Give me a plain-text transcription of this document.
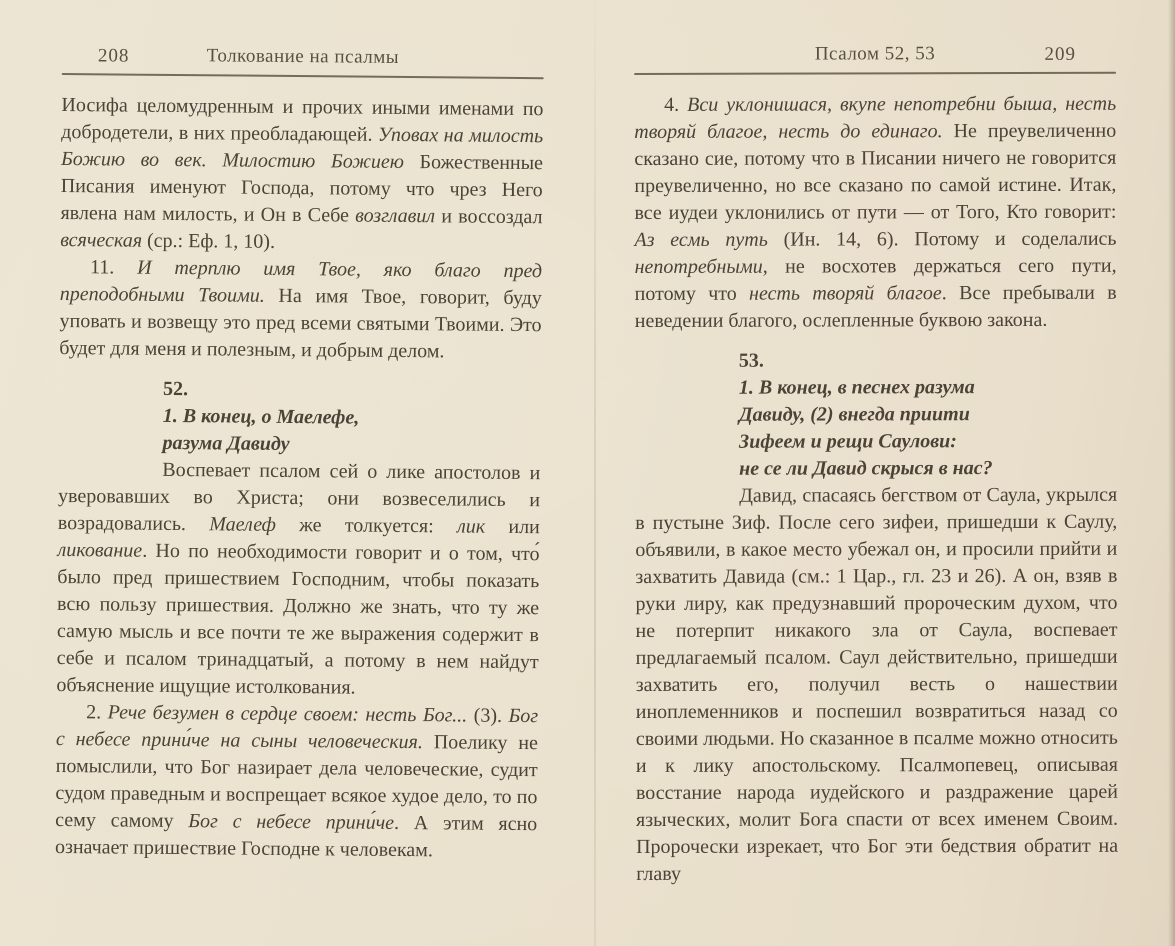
208	Толкование на псалмы

Иосифа целомудренным и прочих иными именами по добродетели, в них преобладающей. Уповах на милость Божию во век. Милостию Божиею Божественные Писания именуют Господа, потому что чрез Него явлена нам милость, и Он в Себе возглавил и воссоздал всяческая (ср.: Еф. 1, 10).

11. И терплю имя Твое, яко благо пред преподобными Твоими. На имя Твое, говорит, буду уповать и возвещу это пред всеми святыми Твоими. Это будет для меня и полезным, и добрым делом.

52.
1. В конец, о Маелефе,
разума Давиду

Воспевает псалом сей о лике апостолов и уверовавших во Христа; они возвеселились и возрадовались. Маелеф же толкуется: лик или ликование. Но по необходимости говорит и о том, что́ было пред пришествием Господним, чтобы показать всю пользу пришествия. Должно же знать, что ту же самую мысль и все почти те же выражения содержит в себе и псалом тринадцатый, а потому в нем найдут объяснение ищущие истолкования.

2. Рече безумен в сердце своем: несть Бог... (3). Бог с небесе прини́че на сыны человеческия. Поелику не помыслили, что Бог назирает дела человеческие, судит судом праведным и воспрещает всякое худое дело, то по сему самому Бог с небесе прини́че. А этим ясно означает пришествие Господне к человекам.

Псалом 52, 53	209

4. Вси уклонишася, вкупе непотребни быша, несть творяй благое, несть до единаго. Не преувеличенно сказано сие, потому что в Писании ничего не говорится преувеличенно, но все сказано по самой истине. Итак, все иудеи уклонились от пути — от Того, Кто говорит: Аз есмь путь (Ин. 14, 6). Потому и соделались непотребными, не восхотев держаться сего пути, потому что несть творяй благое. Все пребывали в неведении благого, ослепленные буквою закона.

53.
1. В конец, в песнех разума
Давиду, (2) внегда приити
Зифеем и рещи Саулови:
не се ли Давид скрыся в нас?

Давид, спасаясь бегством от Саула, укрылся в пустыне Зиф. После сего зифеи, пришедши к Саулу, объявили, в какое место убежал он, и просили прийти и захватить Давида (см.: 1 Цар., гл. 23 и 26). А он, взяв в руки лиру, как предузнавший пророческим духом, что не потерпит никакого зла от Саула, воспевает предлагаемый псалом. Саул действительно, пришедши захватить его, получил весть о нашествии иноплеменников и поспешил возвратиться назад со своими людьми. Но сказанное в псалме можно относить и к лику апостольскому. Псалмопевец, описывая восстание народа иудейского и раздражение царей языческих, молит Бога спасти от всех именем Своим. Пророчески изрекает, что Бог эти бедствия обратит на главу
